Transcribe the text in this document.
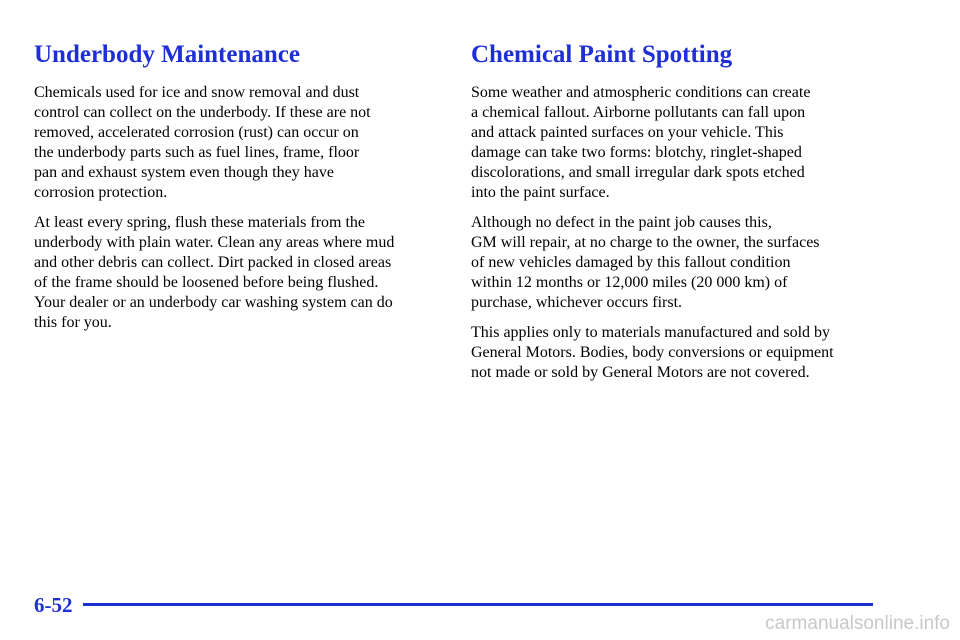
Underbody Maintenance

Chemicals used for ice and snow removal and dust
control can collect on the underbody. If these are not
removed, accelerated corrosion (rust) can occur on
the underbody parts such as fuel lines, frame, floor
pan and exhaust system even though they have
corrosion protection.

At least every spring, flush these materials from the
underbody with plain water. Clean any areas where mud
and other debris can collect. Dirt packed in closed areas
of the frame should be loosened before being flushed.
Your dealer or an underbody car washing system can do
this for you.

Chemical Paint Spotting

Some weather and atmospheric conditions can create
a chemical fallout. Airborne pollutants can fall upon
and attack painted surfaces on your vehicle. This
damage can take two forms: blotchy, ringlet-shaped
discolorations, and small irregular dark spots etched
into the paint surface.

Although no defect in the paint job causes this,
GM will repair, at no charge to the owner, the surfaces
of new vehicles damaged by this fallout condition
within 12 months or 12,000 miles (20 000 km) of
purchase, whichever occurs first.

This applies only to materials manufactured and sold by
General Motors. Bodies, body conversions or equipment
not made or sold by General Motors are not covered.

6-52
carmanualsonline.info
